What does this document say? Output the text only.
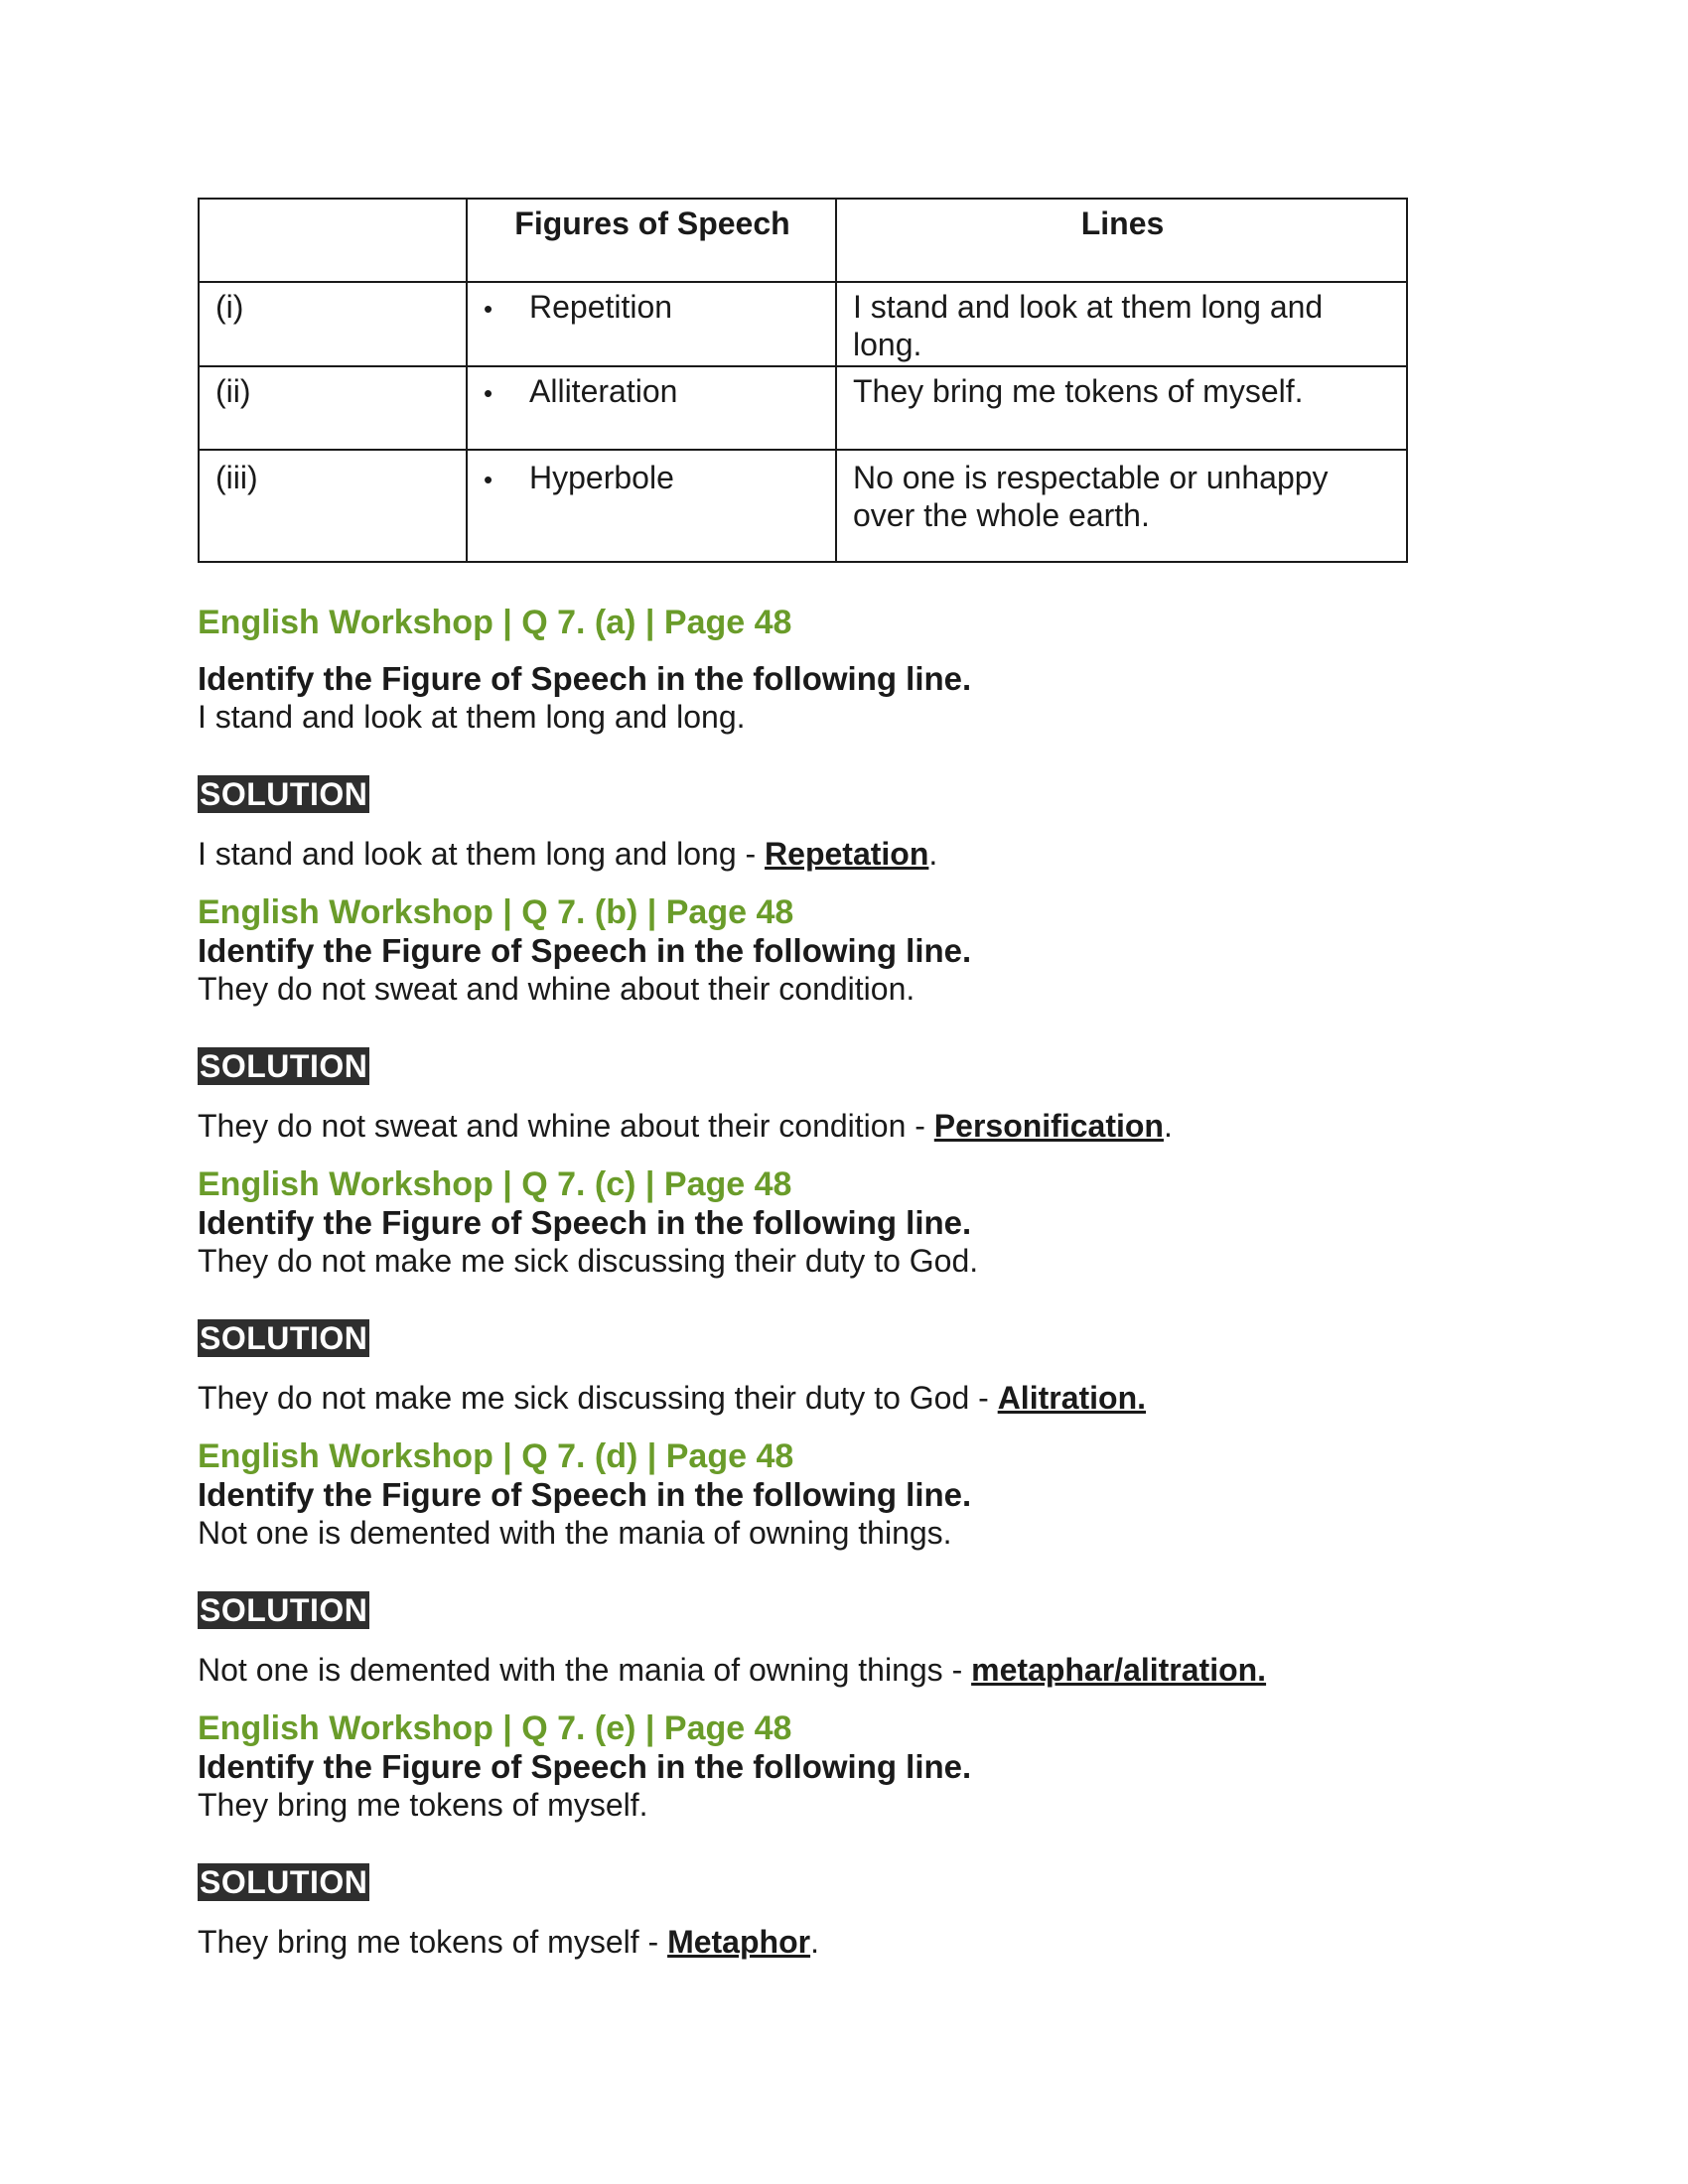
	Figures of Speech	Lines
(i)	• Repetition	I stand and look at them long and long.
(ii)	• Alliteration	They bring me tokens of myself.
(iii)	• Hyperbole	No one is respectable or unhappy over the whole earth.

English Workshop | Q 7. (a) | Page 48

Identify the Figure of Speech in the following line.

I stand and look at them long and long.

SOLUTION

I stand and look at them long and long - Repetation.

English Workshop | Q 7. (b) | Page 48

Identify the Figure of Speech in the following line.

They do not sweat and whine about their condition.

SOLUTION

They do not sweat and whine about their condition - Personification.

English Workshop | Q 7. (c) | Page 48

Identify the Figure of Speech in the following line.

They do not make me sick discussing their duty to God.

SOLUTION

They do not make me sick discussing their duty to God - Alitration.

English Workshop | Q 7. (d) | Page 48

Identify the Figure of Speech in the following line.

Not one is demented with the mania of owning things.

SOLUTION

Not one is demented with the mania of owning things - metaphar/alitration.

English Workshop | Q 7. (e) | Page 48

Identify the Figure of Speech in the following line.

They bring me tokens of myself.

SOLUTION

They bring me tokens of myself - Metaphor.
